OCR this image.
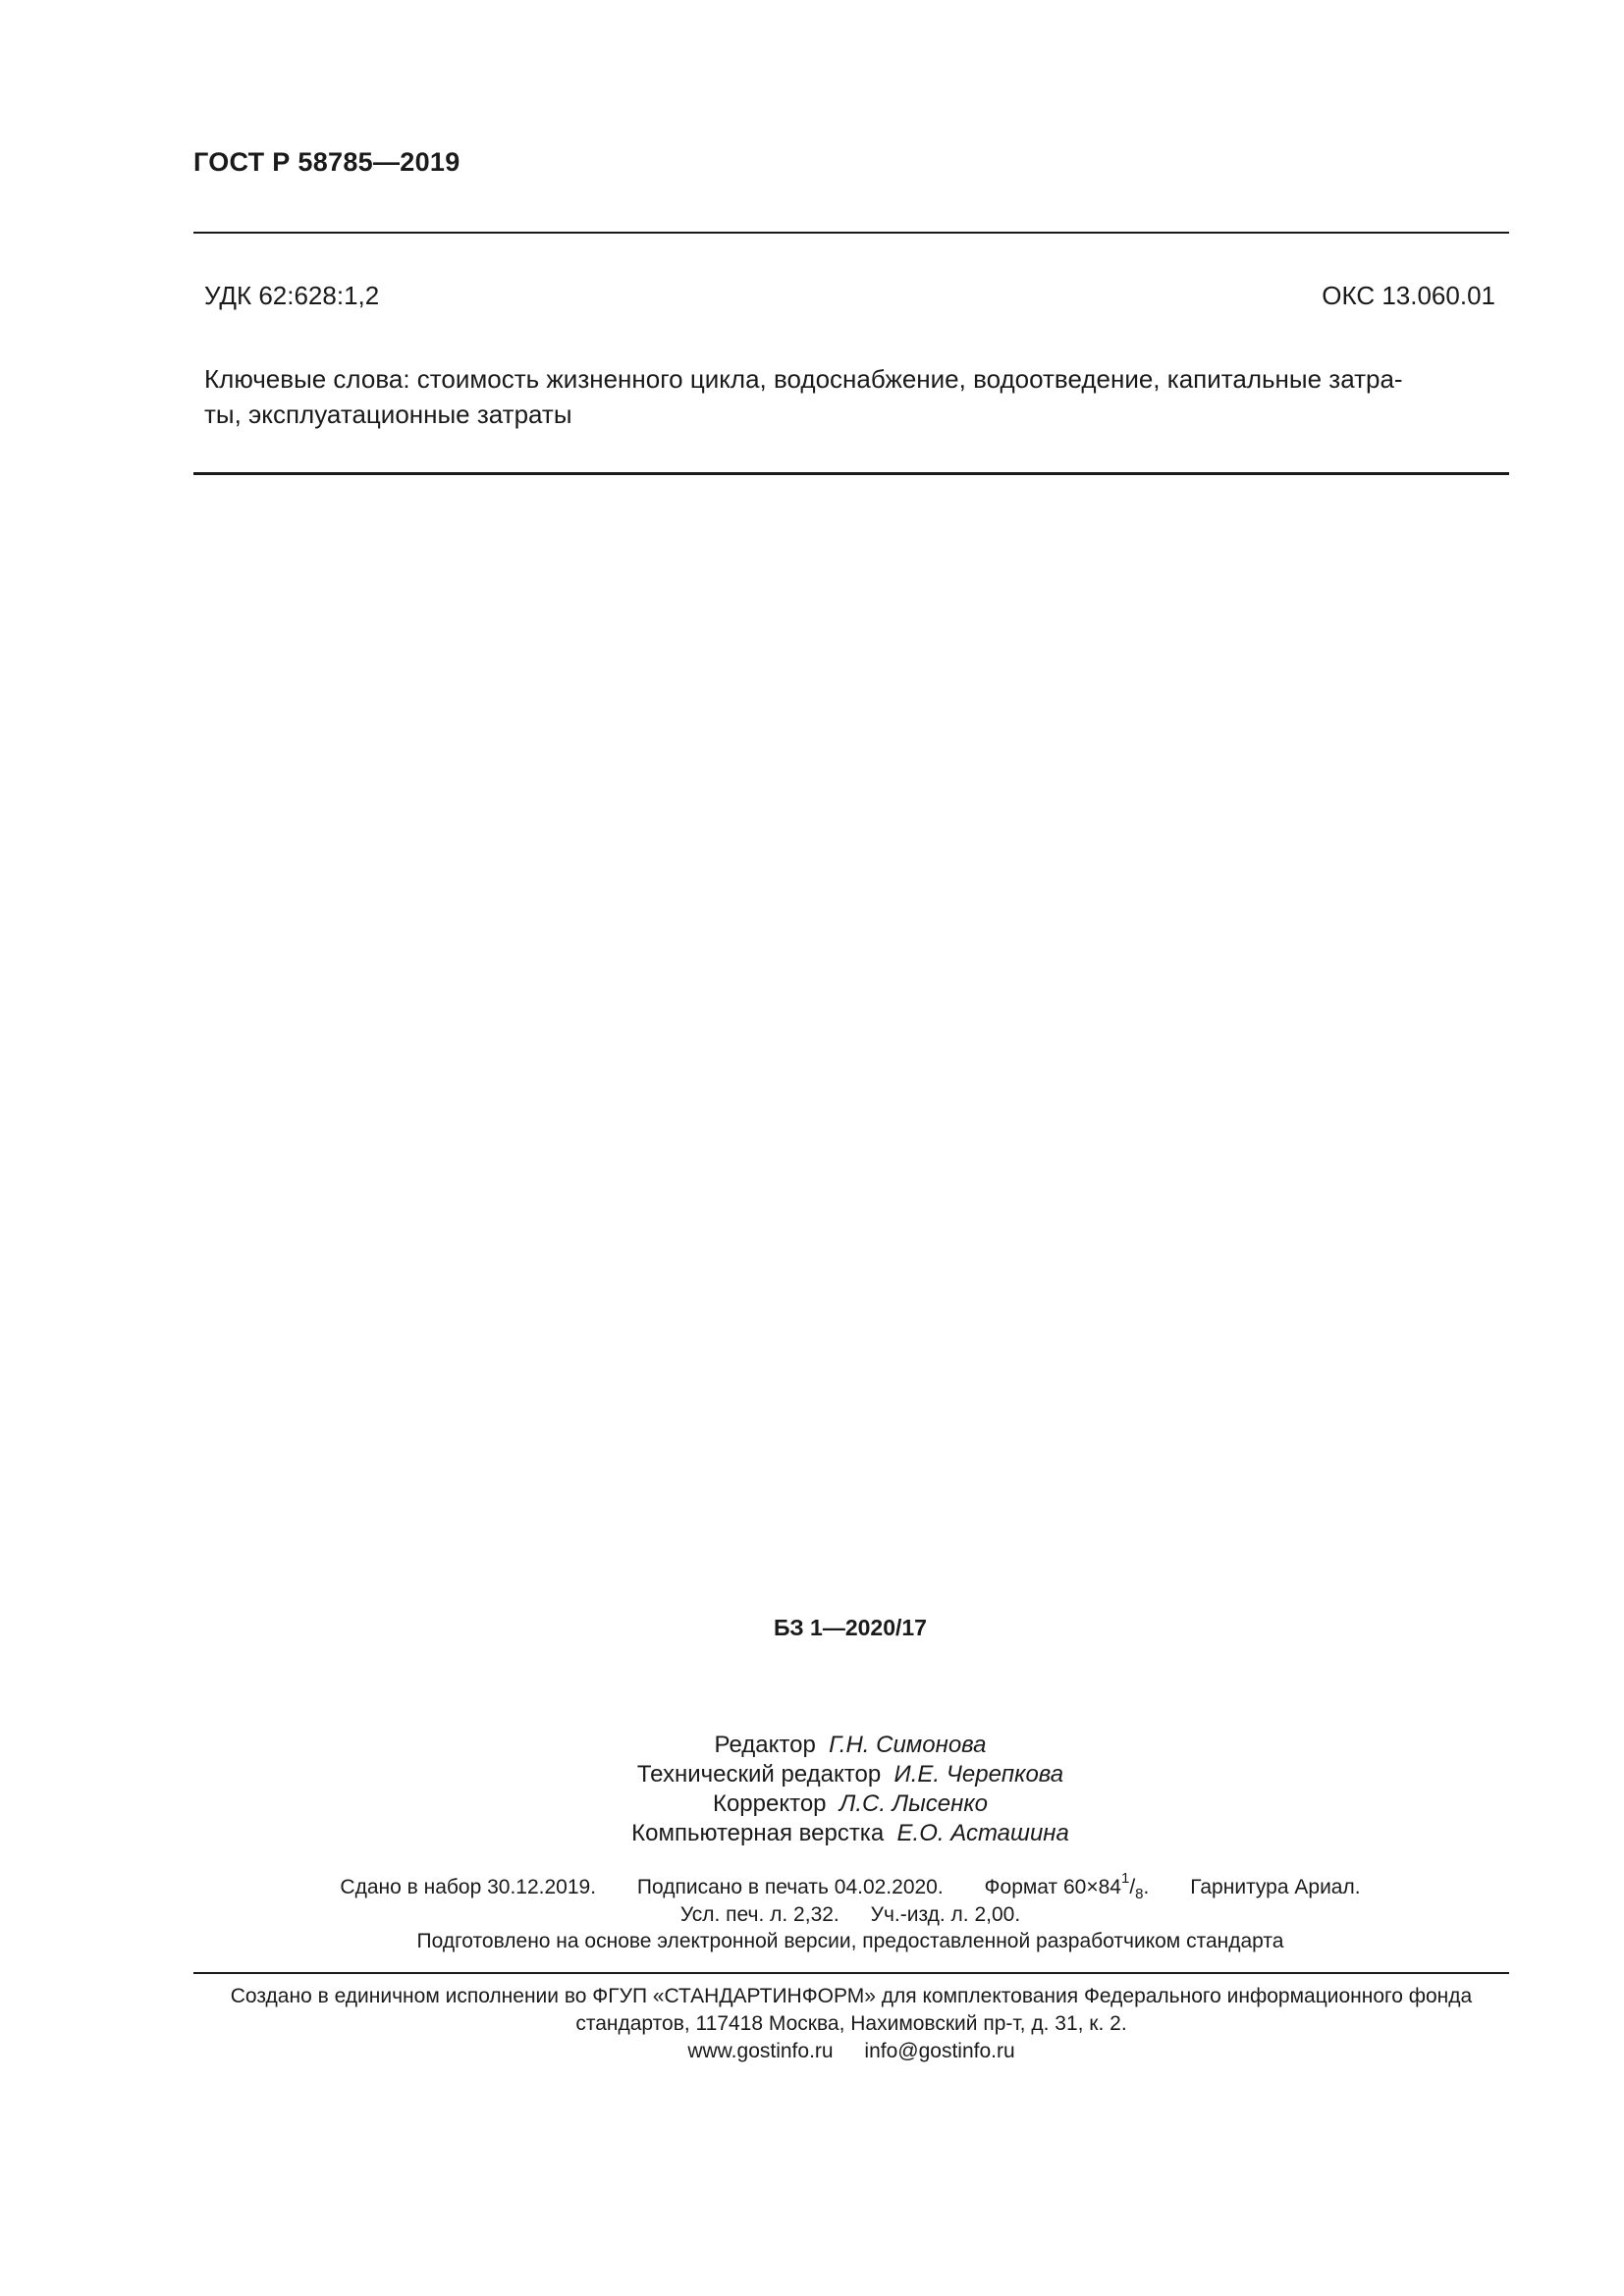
ГОСТ Р 58785—2019
УДК 62:628:1,2	ОКС 13.060.01
Ключевые слова: стоимость жизненного цикла, водоснабжение, водоотведение, капитальные затра-
ты, эксплуатационные затраты
БЗ 1—2020/17
Редактор Г.Н. Симонова
Технический редактор И.Е. Черепкова
Корректор Л.С. Лысенко
Компьютерная верстка Е.О. Асташина
Сдано в набор 30.12.2019. Подписано в печать 04.02.2020. Формат $60\times 84^1/_8$. Гарнитура Ариал.
Усл. печ. л. 2,32. Уч.-изд. л. 2,00.
Подготовлено на основе электронной версии, предоставленной разработчиком стандарта
Создано в единичном исполнении во ФГУП «СТАНДАРТИНФОРМ» для комплектования Федерального информационного фонда
стандартов, 117418 Москва, Нахимовский пр-т, д. 31, к. 2.
www.gostinfo.ru info@gostinfo.ru
